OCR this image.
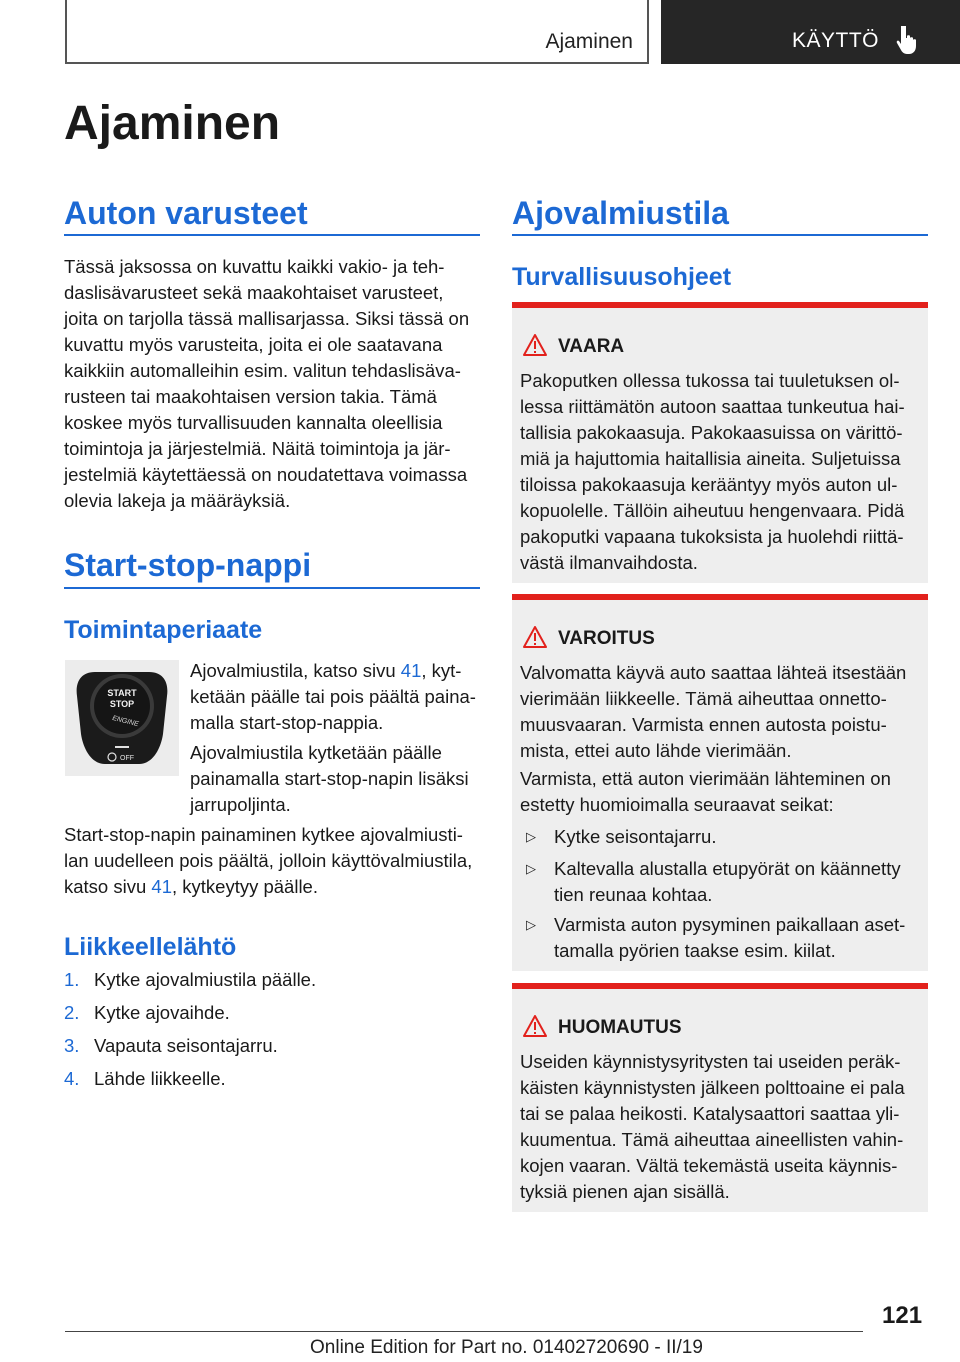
Ajaminen	KÄYTTÖ
Ajaminen
Auton varusteet

Tässä jaksossa on kuvattu kaikki vakio- ja teh-daslisävarusteet sekä maakohtaiset varusteet, joita on tarjolla tässä mallisarjassa. Siksi tässä on kuvattu myös varusteita, joita ei ole saatavana kaikkiin automalleihin esim. valitun tehdaslisäva-rusteen tai maakohtaisen version takia. Tämä koskee myös turvallisuuden kannalta oleellisia toimintoja ja järjestelmiä. Näitä toimintoja ja jär-jestelmiä käytettäessä on noudatettava voimassa olevia lakeja ja määräyksiä.

Start-stop-nappi
Toimintaperiaate
START
STOP
ENGINE
OFF

Ajovalmiustila, katso sivu 41, kyt-ketään päälle tai pois päältä paina-malla start-stop-nappia.

Ajovalmiustila kytketään päälle painamalla start-stop-napin lisäksi jarrupoljinta.

Start-stop-napin painaminen kytkee ajovalmiusti-lan uudelleen pois päältä, jolloin käyttövalmiustila, katso sivu 41, kytkeytyy päälle.

Liikkeellelähtö
1. Kytke ajovalmiustila päälle.
2. Kytke ajovaihde.
3. Vapauta seisontajarru.
4. Lähde liikkeelle.
Ajovalmiustila
Turvallisuusohjeet
VAARA

Pakoputken ollessa tukossa tai tuuletuksen ol-lessa riittämätön autoon saattaa tunkeutua hai-tallisia pakokaasuja. Pakokaasuissa on värittö-miä ja hajuttomia haitallisia aineita. Suljetuissa tiloissa pakokaasuja kerääntyy myös auton ul-kopuolelle. Tällöin aiheutuu hengenvaara. Pidä pakoputki vapaana tukoksista ja huolehdi riittä-västä ilmanvaihdosta.

VAROITUS

Valvomatta käyvä auto saattaa lähteä itsestään vierimään liikkeelle. Tämä aiheuttaa onnetto-muusvaaran. Varmista ennen autosta poistu-mista, ettei auto lähde vierimään.

Varmista, että auton vierimään lähteminen on estetty huomioimalla seuraavat seikat:

▷ Kytke seisontajarru.
▷ Kaltevalla alustalla etupyörät on käännetty tien reunaa kohtaa.
▷ Varmista auton pysyminen paikallaan aset-tamalla pyörien taakse esim. kiilat.
HUOMAUTUS

Useiden käynnistysyritysten tai useiden peräk-käisten käynnistysten jälkeen polttoaine ei pala tai se palaa heikosti. Katalysaattori saattaa yli-kuumentua. Tämä aiheuttaa aineellisten vahin-kojen vaaran. Vältä tekemästä useita käynnis-tyksiä pienen ajan sisällä.

121
Online Edition for Part no. 01402720690 - II/19
